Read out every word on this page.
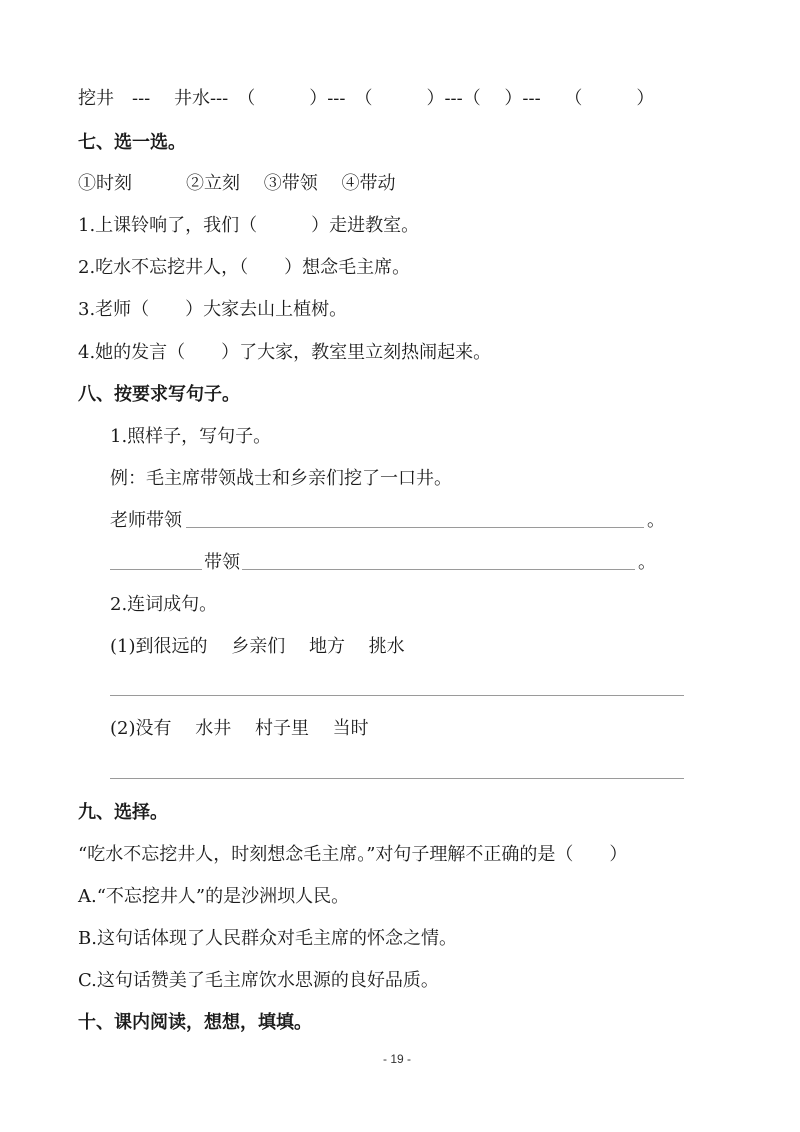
挖井　---　 井水---　（　　　）---　（　　　）---（　 ）---　 （　　　）
七、选一选。
①时刻　　　②立刻　 ③带领　 ④带动
1.上课铃响了，我们（　　　）走进教室。
2.吃水不忘挖井人，（　　）想念毛主席。
3.老师（　　）大家去山上植树。
4.她的发言（　　）了大家，教室里立刻热闹起来。
八、按要求写句子。
1.照样子，写句子。
例：毛主席带领战士和乡亲们挖了一口井。
老师带领	。
带领	。
2.连词成句。
(1)到很远的　 乡亲们　 地方　 挑水
(2)没有　 水井　 村子里　 当时
九、选择。
“吃水不忘挖井人，时刻想念毛主席。”对句子理解不正确的是（　　）
A.“不忘挖井人”的是沙洲坝人民。
B.这句话体现了人民群众对毛主席的怀念之情。
C.这句话赞美了毛主席饮水思源的良好品质。
十、课内阅读，想想，填填。
- 19 -
